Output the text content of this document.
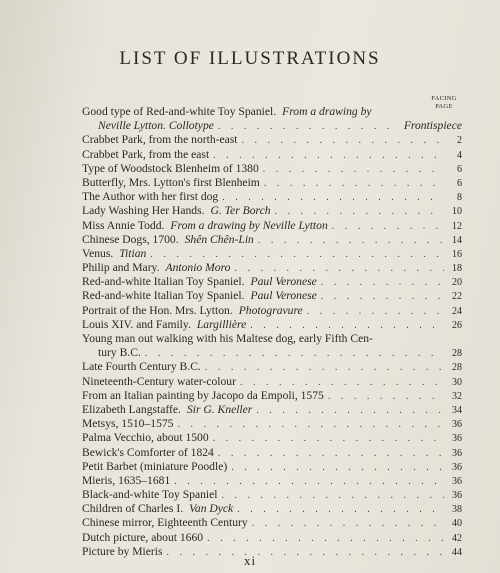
LIST OF ILLUSTRATIONS
FACING
PAGE
Good type of Red-and-white Toy Spaniel. From a drawing by
Neville Lytton. Collotype . . .	Frontispiece
Crabbet Park, from the north-east . . .	2
Crabbet Park, from the east . . .	4
Type of Woodstock Blenheim of 1380 . . .	6
Butterfly, Mrs. Lytton's first Blenheim . . .	6
The Author with her first dog . . .	8
Lady Washing Her Hands. G. Ter Borch . . .	10
Miss Annie Todd. From a drawing by Neville Lytton . . .	12
Chinese Dogs, 1700. Shên Chên-Lin . . .	14
Venus. Titian . . .	16
Philip and Mary. Antonio Moro . . .	18
Red-and-white Italian Toy Spaniel. Paul Veronese . . .	20
Red-and-white Italian Toy Spaniel. Paul Veronese . . .	22
Portrait of the Hon. Mrs. Lytton. Photogravure . . .	24
Louis XIV. and Family. Largillière . . .	26
Young man out walking with his Maltese dog, early Fifth Cen-
tury B.C. . . .	28
Late Fourth Century B.C. . . .	28
Nineteenth-Century water-colour . . .	30
From an Italian painting by Jacopo da Empoli, 1575 . . .	32
Elizabeth Langstaffe. Sir G. Kneller . . .	34
Metsys, 1510–1575 . . .	36
Palma Vecchio, about 1500 . . .	36
Bewick's Comforter of 1824 . . .	36
Petit Barbet (miniature Poodle) . . .	36
Mieris, 1635–1681 . . .	36
Black-and-white Toy Spaniel . . .	36
Children of Charles I. Van Dyck . . .	38
Chinese mirror, Eighteenth Century . . .	40
Dutch picture, about 1660 . . .	42
Picture by Mieris . . .	44
xi
